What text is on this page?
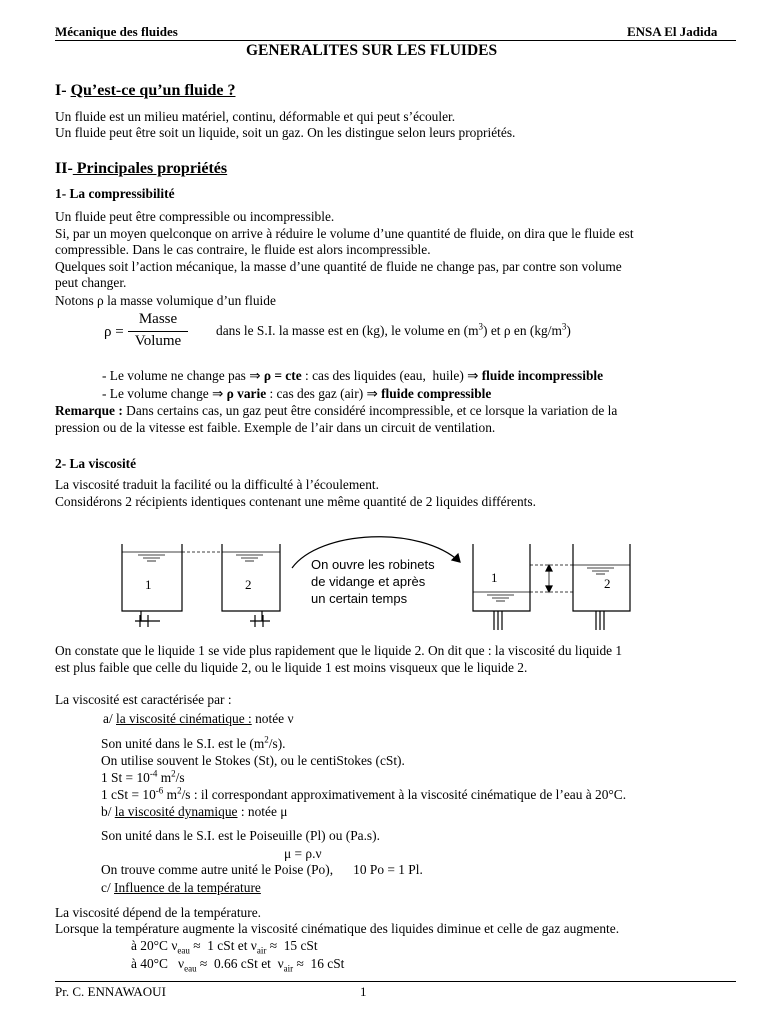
Mécanique des fluides	ENSA El Jadida
GENERALITES SUR LES FLUIDES
I- Qu’est-ce qu’un fluide ?
Un fluide est un milieu matériel, continu, déformable et qui peut s’écouler.
Un fluide peut être soit un liquide, soit un gaz. On les distingue selon leurs propriétés.
II- Principales propriétés
1- La compressibilité
Un fluide peut être compressible ou incompressible.
Si, par un moyen quelconque on arrive à réduire le volume d’une quantité de fluide, on dira que le fluide est
compressible. Dans le cas contraire, le fluide est alors incompressible.
Quelques soit l’action mécanique, la masse d’une quantité de fluide ne change pas, par contre son volume
peut changer.
Notons ρ la masse volumique d’un fluide
ρ =
Masse
Volume
dans le S.I. la masse est en (kg), le volume en $(m^3)$ et ρ en $(kg/m^3)$
- Le volume ne change pas ⇒ ρ = cte : cas des liquides (eau,  huile) ⇒ fluide incompressible
- Le volume change ⇒ ρ varie : cas des gaz (air) ⇒ fluide compressible
Remarque : Dans certains cas, un gaz peut être considéré incompressible, et ce lorsque la variation de la
pression ou de la vitesse est faible. Exemple de l’air dans un circuit de ventilation.
2- La viscosité
La viscosité traduit la facilité ou la difficulté à l’écoulement.
Considérons 2 récipients identiques contenant une même quantité de 2 liquides différents.
1	2
On ouvre les robinets
de vidange et après
un certain temps
1	2
On constate que le liquide 1 se vide plus rapidement que le liquide 2. On dit que : la viscosité du liquide 1
est plus faible que celle du liquide 2, ou le liquide 1 est moins visqueux que le liquide 2.
La viscosité est caractérisée par :
a/ la viscosité cinématique : notée ν
Son unité dans le S.I. est le $(m^2/s)$.
On utilise souvent le Stokes (St), ou le centiStokes (cSt).
1 $St = 10^{-4}$ $m^2/s$
1 cSt = $10^{-6}$ $m^2/s$ : il correspondant approximativement à la viscosité cinématique de l’eau à 20°C.
b/ la viscosité dynamique : notée μ
Son unité dans le S.I. est le Poiseuille (Pl) ou (Pa.s).
μ = ρ.ν
On trouve comme autre unité le Poise (Po),      10 Po = 1 Pl.
c/ Influence de la température
La viscosité dépend de la température.
Lorsque la température augmente la viscosité cinématique des liquides diminue et celle de gaz augmente.
à 20°C $\nu_{eau} \approx 1$ cSt et $\nu_{air} \approx 15$ cSt
à 40°C   $\nu_{eau} \approx 0.66$ cSt et  $\nu_{air} \approx 16$ cSt
Pr. C. ENNAWAOUI	1
